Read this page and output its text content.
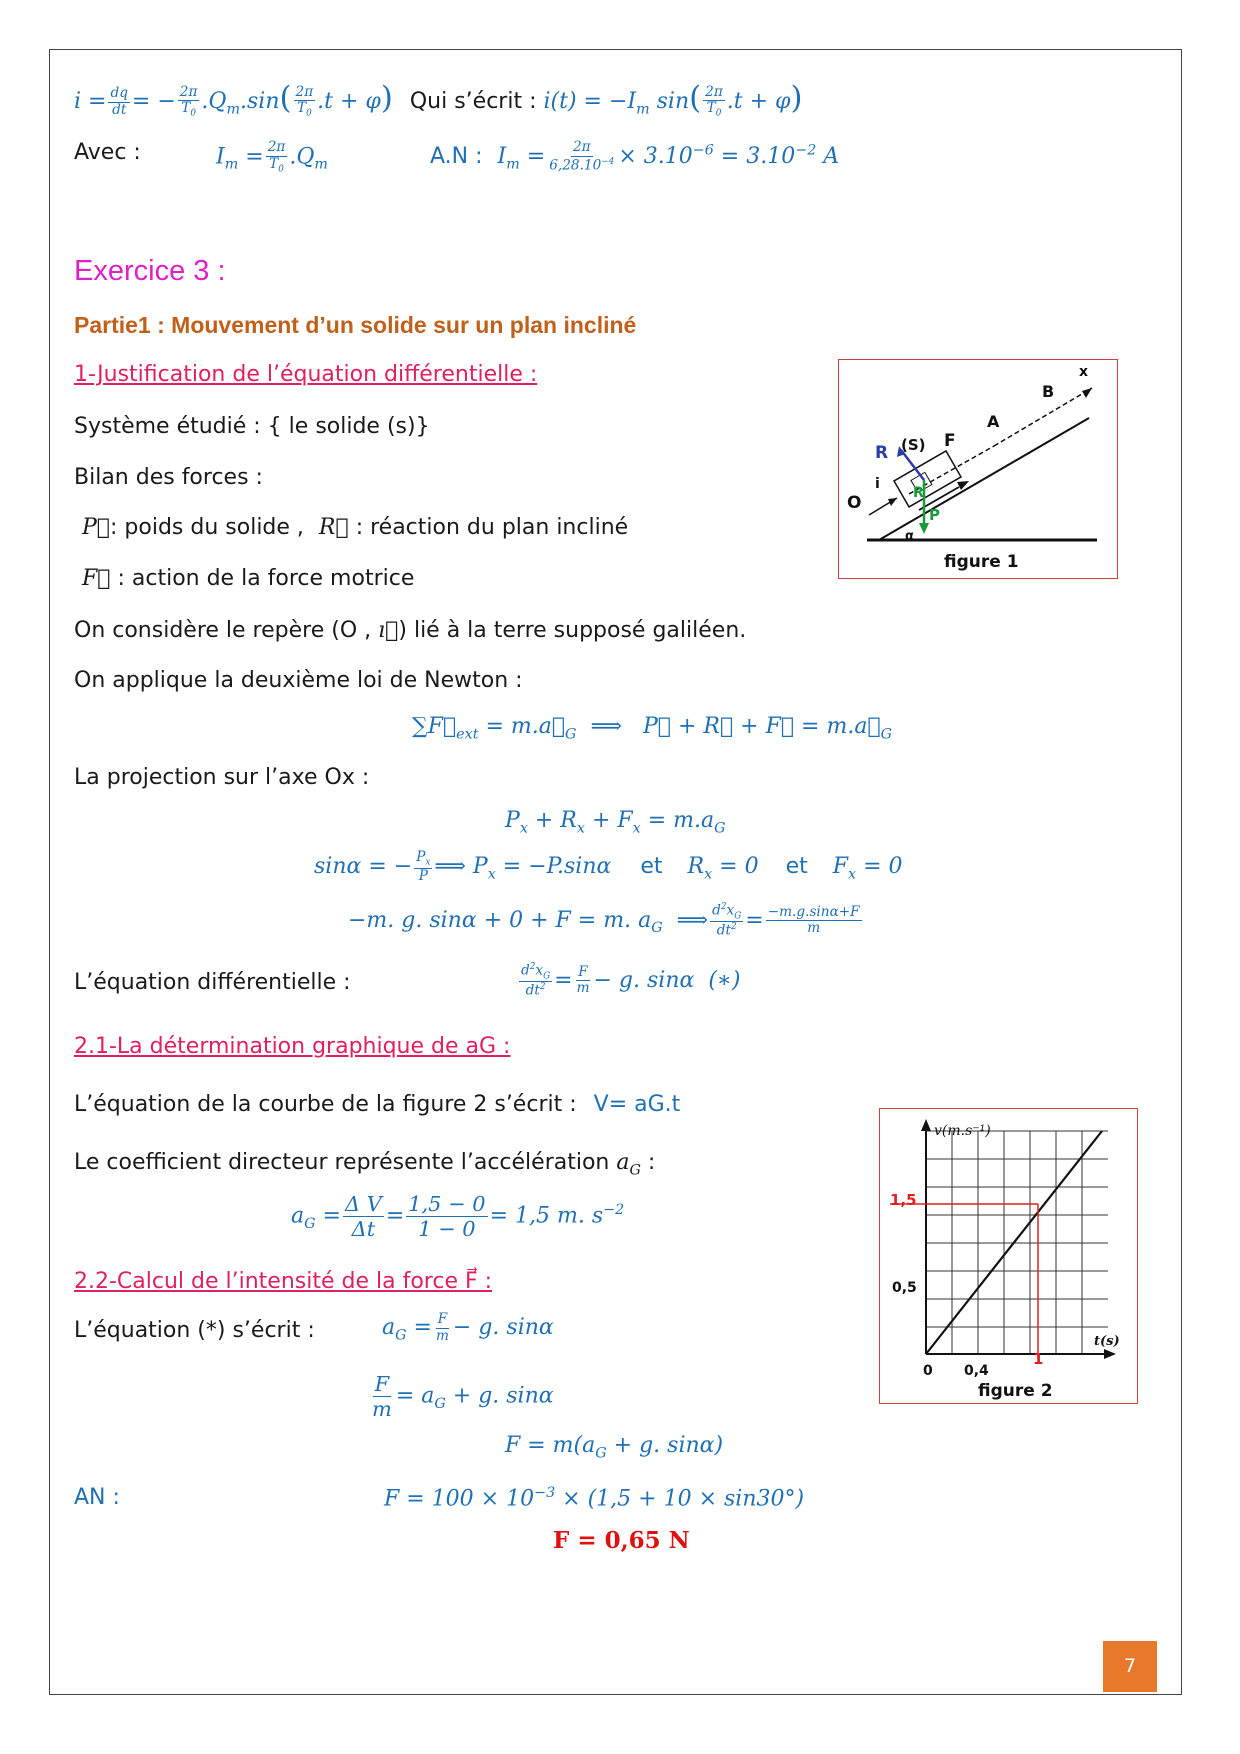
$i = \frac{dq}{dt}$ = − $\frac{2\pi}{T_0} .Q_m.\sin( \frac{2\pi}{T_0} .t + \varphi)$ Qui s’écrit : $i(t) = -I_m$ $\sin( \frac{2\pi}{T_0} .t + \varphi)$
Avec :	$I_m = \frac{2\pi}{T_0} .Q_m$	A.N : $I_m = \frac{2\pi}{6,28.10^{-4}} \times 3.10^{-6} = 3.10^{-2}$ A
Exercice 3 :
Partie1 : Mouvement d’un solide sur un plan incliné
1-Justification de l’équation différentielle :
Système étudié : { le solide (s)}
Bilan des forces :
P⃗: poids du solide , R⃗ : réaction du plan incliné
F⃗ : action de la force motrice
On considère le repère (O , ı⃗) lié à la terre supposé galiléen.
On applique la deuxième loi de Newton :
$\sum F⃗_{ext}$ = $m.a⃗_G$  ⟹   P⃗ + R⃗ + F⃗ = $m.a⃗_G$
La projection sur l’axe Ox :
$P_x + R_x + F_x = m.a_G$
sinα = − $\frac{P_x}{P}$ ⟹ $P_x = -P.\sin\alpha$ et $R_x = 0$ et $F_x = 0$
−m. g. sinα + 0 + F = m. $a_G$  ⟹ $\frac{d^2x_G}{dt^2} = \frac{-m.g.\sin\alpha+F}{m}$
L’équation différentielle :	$\frac{d^2x_G}{dt^2} = \frac{F}{m} - g$. sinα  (∗)
2.1-La détermination graphique de aG :
L’équation de la courbe de la figure 2 s’écrit : V= aG.t
Le coefficient directeur représente l’accélération $a_G$ :
$a_G = \frac{\text{Δ V}}{\Delta t} = \frac{1,5 - 0}{1 - 0} = 1,5$ m. $s^{-2}$
2.2-Calcul de l’intensité de la force F⃗ :
L’équation (*) s’écrit :	$a_G = \frac{F}{m} - g$. sinα
$\frac{F}{m} = a_G + g$. sinα
$F = m(a_G + g$. sinα)
AN :	$F = 100 \times 10^{-3} \times (1,5 + 10 \times \sin 30^\circ)$
F = 0,65 N
R
α
O
i
R (S) F
A
B
x
P
figure 1
v(m.s⁻¹)
t(s)
1,5
0,5
0 0,4
1
figure 2
7
